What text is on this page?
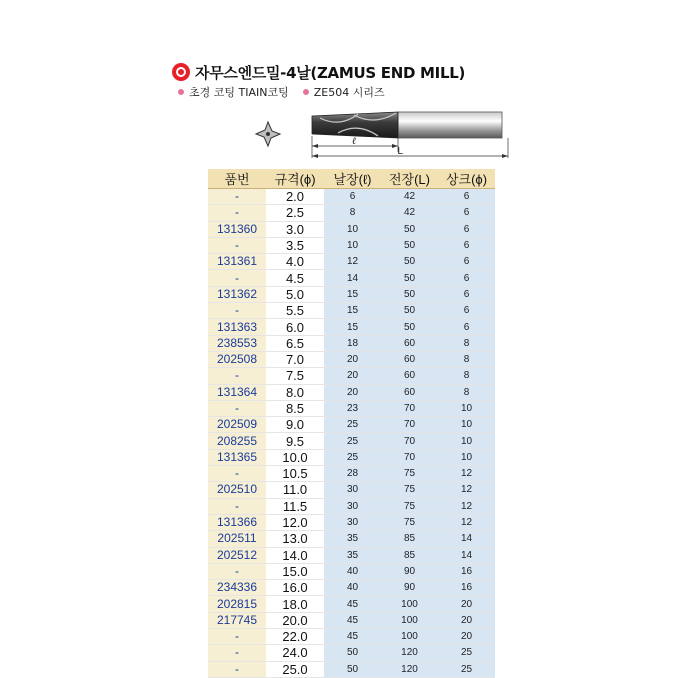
자무스엔드밀-4날(ZAMUS END MILL)
초경 코팅 TIAIN코팅 ZE504 시리즈
ℓ
L
품번	규격(ϕ)	날장(ℓ)	전장(L)	상크(ϕ)
-	2.0	6	42	6
-	2.5	8	42	6
131360	3.0	10	50	6
-	3.5	10	50	6
131361	4.0	12	50	6
-	4.5	14	50	6
131362	5.0	15	50	6
-	5.5	15	50	6
131363	6.0	15	50	6
238553	6.5	18	60	8
202508	7.0	20	60	8
-	7.5	20	60	8
131364	8.0	20	60	8
-	8.5	23	70	10
202509	9.0	25	70	10
208255	9.5	25	70	10
131365	10.0	25	70	10
-	10.5	28	75	12
202510	11.0	30	75	12
-	11.5	30	75	12
131366	12.0	30	75	12
202511	13.0	35	85	14
202512	14.0	35	85	14
-	15.0	40	90	16
234336	16.0	40	90	16
202815	18.0	45	100	20
217745	20.0	45	100	20
-	22.0	45	100	20
-	24.0	50	120	25
-	25.0	50	120	25
